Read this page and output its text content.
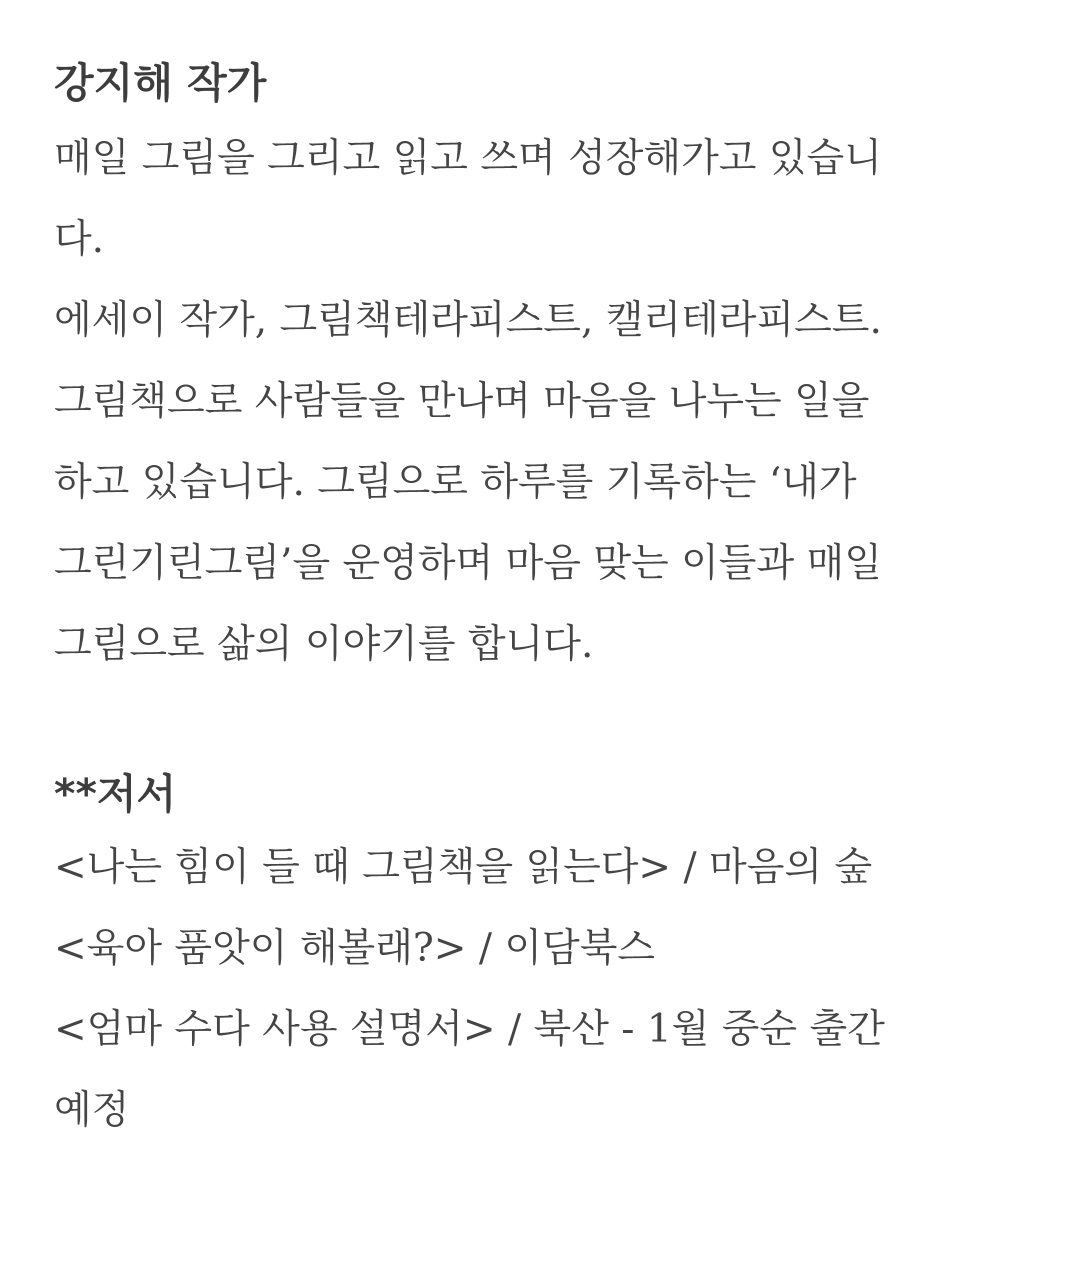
강지해 작가
매일 그림을 그리고 읽고 쓰며 성장해가고 있습니
다.
에세이 작가, 그림책테라피스트, 캘리테라피스트.
그림책으로 사람들을 만나며 마음을 나누는 일을
하고 있습니다. 그림으로 하루를 기록하는 ‘내가
그린기린그림’을 운영하며 마음 맞는 이들과 매일
그림으로 삶의 이야기를 합니다.
**저서
<나는 힘이 들 때 그림책을 읽는다> / 마음의 숲
<육아 품앗이 해볼래?> / 이담북스
<엄마 수다 사용 설명서> / 북산 - 1월 중순 출간
예정
